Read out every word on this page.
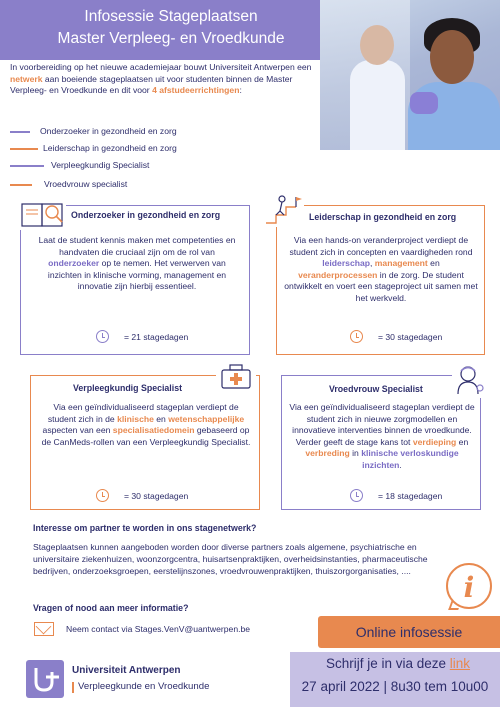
Infosessie Stageplaatsen
Master Verpleeg- en Vroedkunde
In voorbereiding op het nieuwe academiejaar bouwt Universiteit Antwerpen een netwerk aan boeiende stageplaatsen uit voor studenten binnen de Master Verpleeg- en Vroedkunde en dit voor 4 afstudeerrichtingen:
Onderzoeker in gezondheid en zorg
Leiderschap in gezondheid en zorg
Verpleegkundig Specialist
Vroedvrouw specialist
Onderzoeker in gezondheid en zorg
Laat de student kennis maken met competenties en handvaten die cruciaal zijn om de rol van onderzoeker op te nemen. Het verwerven van inzichten in klinische vorming, management en innovatie zijn hierbij essentieel.
= 21 stagedagen
Leiderschap in gezondheid en zorg
Via een hands-on veranderproject verdiept de student zich in concepten en vaardigheden rond leiderschap, management en veranderprocessen in de zorg. De student ontwikkelt en voert een stageproject uit samen met het werkveld.
= 30 stagedagen
Verpleegkundig Specialist
Via een geïndividualiseerd stageplan verdiept de student zich in de klinische en wetenschappelijke aspecten van een specialisatiedomein gebaseerd op de CanMeds-rollen van een Verpleegkundig Specialist.
= 30 stagedagen
Vroedvrouw Specialist
Via een geïndividualiseerd stageplan verdiept de student zich in nieuwe zorgmodellen en innovatieve interventies binnen de vroedkunde. Verder geeft de stage kans tot verdieping en verbreding in klinische verloskundige inzichten.
= 18 stagedagen
Interesse om partner te worden in ons stagenetwerk?
Stageplaatsen kunnen aangeboden worden door diverse partners zoals algemene, psychiatrische en universitaire ziekenhuizen, woonzorgcentra, huisartsenpraktijken, overheidsinstanties, pharmaceutische bedrijven, onderzoeksgroepen, eerstelijnszones, vroedvrouwenpraktijken, thuiszorgorganisaties, ....	i
Vragen of nood aan meer informatie?
Neem contact via Stages.VenV@uantwerpen.be	Online infosessie
Schrijf je in via deze link
27 april 2022 | 8u30 tem 10u00
Universiteit Antwerpen
Verpleegkunde en Vroedkunde
